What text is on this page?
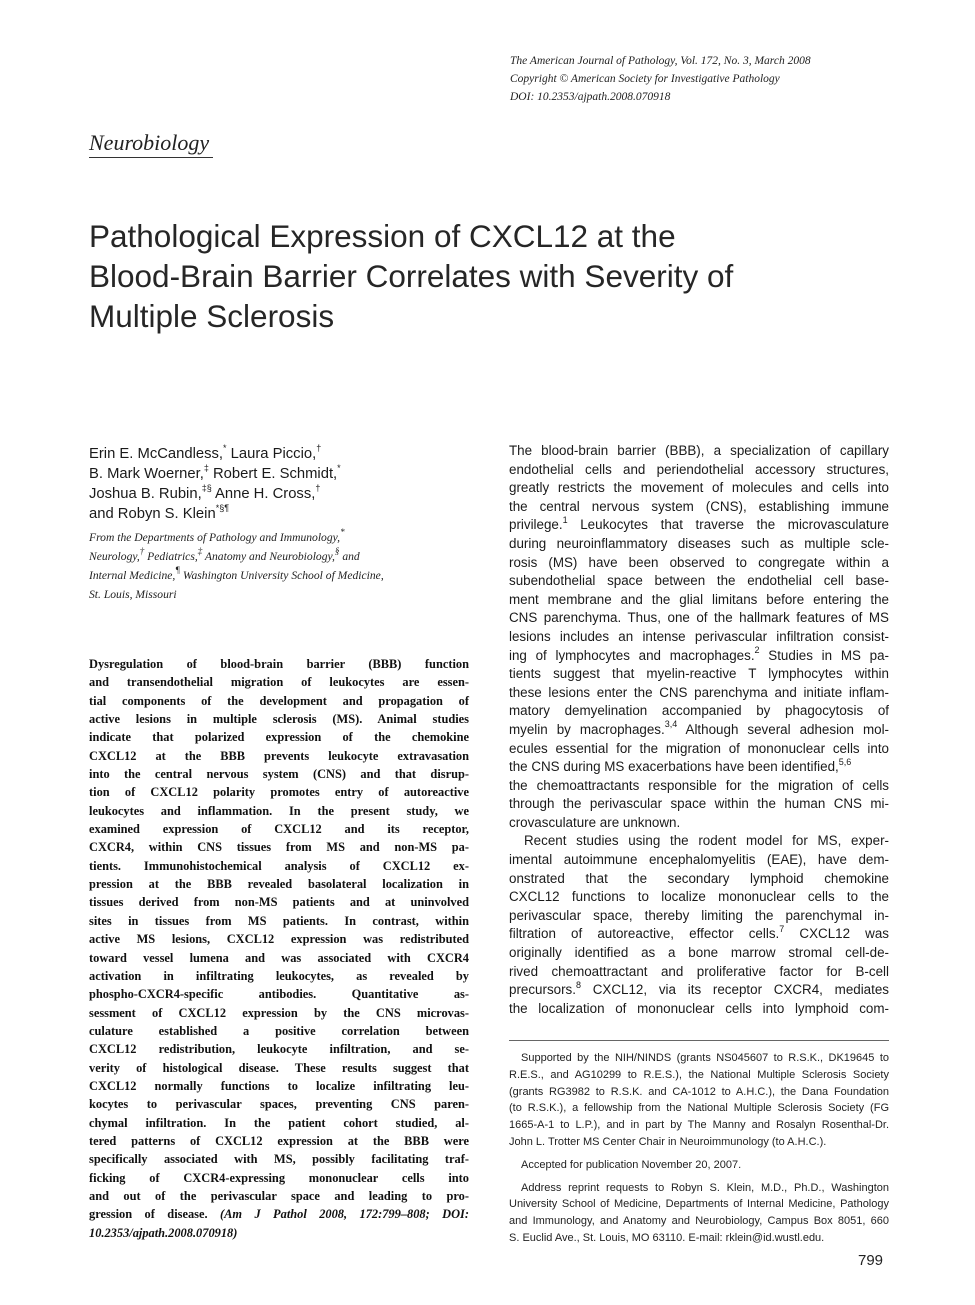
The American Journal of Pathology, Vol. 172, No. 3, March 2008
Copyright © American Society for Investigative Pathology
DOI: 10.2353/ajpath.2008.070918
Neurobiology
Pathological Expression of CXCL12 at the
Blood-Brain Barrier Correlates with Severity of
Multiple Sclerosis
Erin E. McCandless,* Laura Piccio,†
B. Mark Woerner,‡ Robert E. Schmidt,*
Joshua B. Rubin,‡§ Anne H. Cross,†
and Robyn S. Klein*§¶
From the Departments of Pathology and Immunology,*
Neurology,† Pediatrics,‡ Anatomy and Neurobiology,§ and
Internal Medicine,¶ Washington University School of Medicine,
St. Louis, Missouri
Dysregulation of blood-brain barrier (BBB) function
and transendothelial migration of leukocytes are essen-
tial components of the development and propagation of
active lesions in multiple sclerosis (MS). Animal studies
indicate that polarized expression of the chemokine
CXCL12 at the BBB prevents leukocyte extravasation
into the central nervous system (CNS) and that disrup-
tion of CXCL12 polarity promotes entry of autoreactive
leukocytes and inflammation. In the present study, we
examined expression of CXCL12 and its receptor,
CXCR4, within CNS tissues from MS and non-MS pa-
tients. Immunohistochemical analysis of CXCL12 ex-
pression at the BBB revealed basolateral localization in
tissues derived from non-MS patients and at uninvolved
sites in tissues from MS patients. In contrast, within
active MS lesions, CXCL12 expression was redistributed
toward vessel lumena and was associated with CXCR4
activation in infiltrating leukocytes, as revealed by
phospho-CXCR4-specific antibodies. Quantitative as-
sessment of CXCL12 expression by the CNS microvas-
culature established a positive correlation between
CXCL12 redistribution, leukocyte infiltration, and se-
verity of histological disease. These results suggest that
CXCL12 normally functions to localize infiltrating leu-
kocytes to perivascular spaces, preventing CNS paren-
chymal infiltration. In the patient cohort studied, al-
tered patterns of CXCL12 expression at the BBB were
specifically associated with MS, possibly facilitating traf-
ficking of CXCR4-expressing mononuclear cells into
and out of the perivascular space and leading to pro-
gression of disease. (Am J Pathol 2008, 172:799–808; DOI:
10.2353/ajpath.2008.070918)
The blood-brain barrier (BBB), a specialization of capillary
endothelial cells and periendothelial accessory structures,
greatly restricts the movement of molecules and cells into
the central nervous system (CNS), establishing immune
privilege.$^1$ Leukocytes that traverse the microvasculature
during neuroinflammatory diseases such as multiple scle-
rosis (MS) have been observed to congregate within a
subendothelial space between the endothelial cell base-
ment membrane and the glial limitans before entering the
CNS parenchyma. Thus, one of the hallmark features of MS
lesions includes an intense perivascular infiltration consist-
ing of lymphocytes and macrophages.$^2$ Studies in MS pa-
tients suggest that myelin-reactive T lymphocytes within
these lesions enter the CNS parenchyma and initiate inflam-
matory demyelination accompanied by phagocytosis of
myelin by macrophages.$^{3,4}$ Although several adhesion mol-
ecules essential for the migration of mononuclear cells into
the CNS during MS exacerbations have been identified,$^{5,6}$
the chemoattractants responsible for the migration of cells
through the perivascular space within the human CNS mi-
crovasculature are unknown.
Recent studies using the rodent model for MS, exper-
imental autoimmune encephalomyelitis (EAE), have dem-
onstrated that the secondary lymphoid chemokine
CXCL12 functions to localize mononuclear cells to the
perivascular space, thereby limiting the parenchymal in-
filtration of autoreactive, effector cells.$^7$ CXCL12 was
originally identified as a bone marrow stromal cell-de-
rived chemoattractant and proliferative factor for B-cell
precursors.$^8$ CXCL12, via its receptor CXCR4, mediates
the localization of mononuclear cells into lymphoid com-
Supported by the NIH/NINDS (grants NS045607 to R.S.K., DK19645 to
R.E.S., and AG10299 to R.E.S.), the National Multiple Sclerosis Society
(grants RG3982 to R.S.K. and CA-1012 to A.H.C.), the Dana Foundation
(to R.S.K.), a fellowship from the National Multiple Sclerosis Society (FG
1665-A-1 to L.P.), and in part by The Manny and Rosalyn Rosenthal-Dr.
John L. Trotter MS Center Chair in Neuroimmunology (to A.H.C.).
Accepted for publication November 20, 2007.
Address reprint requests to Robyn S. Klein, M.D., Ph.D., Washington
University School of Medicine, Departments of Internal Medicine, Pathology
and Immunology, and Anatomy and Neurobiology, Campus Box 8051, 660
S. Euclid Ave., St. Louis, MO 63110. E-mail: rklein@id.wustl.edu.
799
